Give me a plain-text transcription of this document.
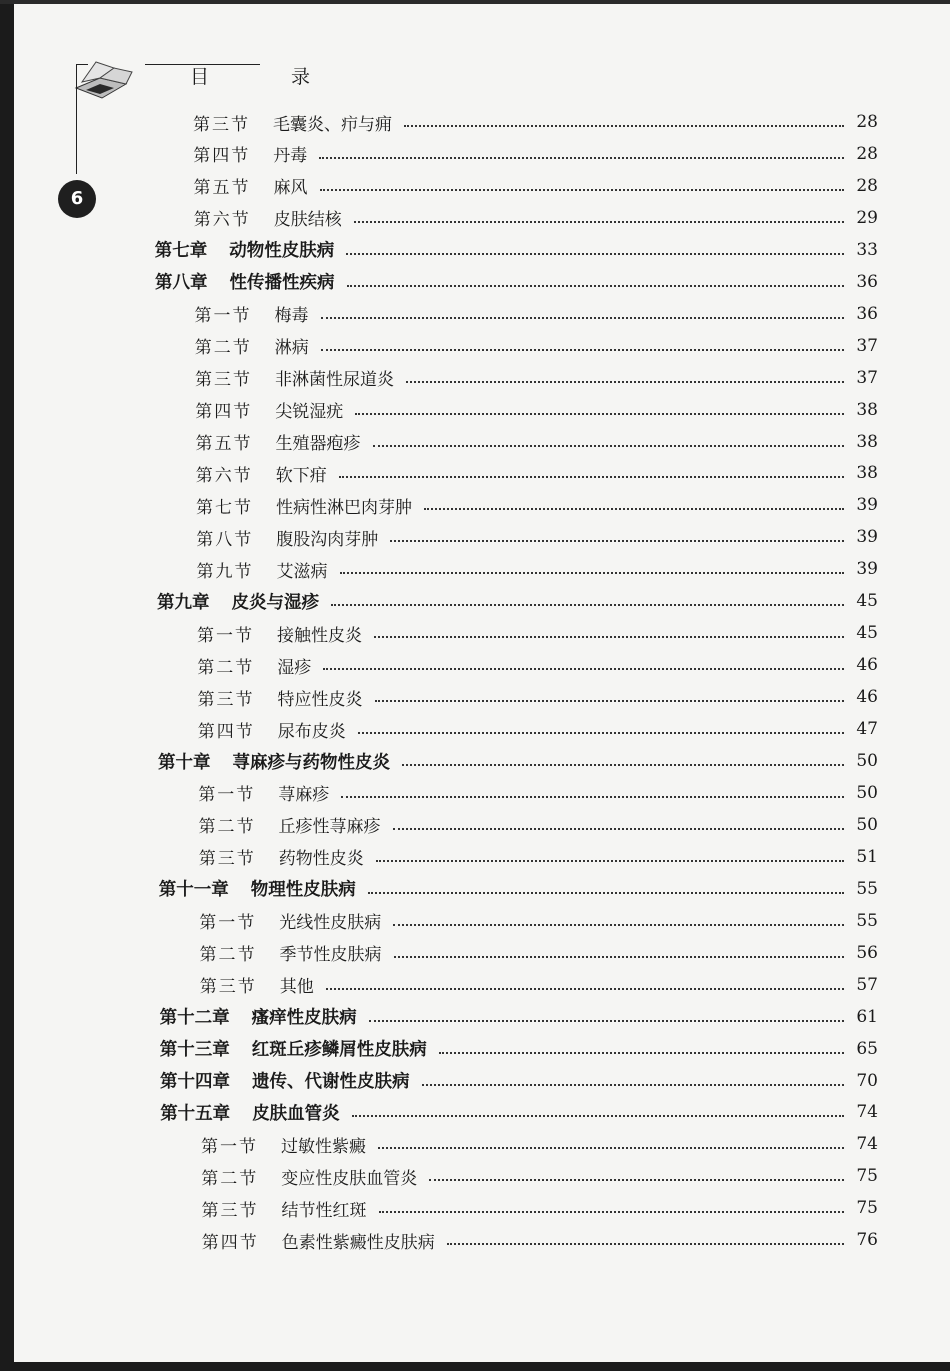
目 录
6
第三节	毛囊炎、疖与痈	28
第四节	丹毒	28
第五节	麻风	28
第六节	皮肤结核	29
第七章 动物性皮肤病	33
第八章 性传播性疾病	36
第一节	梅毒	36
第二节	淋病	37
第三节	非淋菌性尿道炎	37
第四节	尖锐湿疣	38
第五节	生殖器疱疹	38
第六节	软下疳	38
第七节	性病性淋巴肉芽肿	39
第八节	腹股沟肉芽肿	39
第九节	艾滋病	39
第九章 皮炎与湿疹	45
第一节	接触性皮炎	45
第二节	湿疹	46
第三节	特应性皮炎	46
第四节	尿布皮炎	47
第十章 荨麻疹与药物性皮炎	50
第一节	荨麻疹	50
第二节	丘疹性荨麻疹	50
第三节	药物性皮炎	51
第十一章 物理性皮肤病	55
第一节	光线性皮肤病	55
第二节	季节性皮肤病	56
第三节	其他	57
第十二章 瘙痒性皮肤病	61
第十三章 红斑丘疹鳞屑性皮肤病	65
第十四章 遗传、代谢性皮肤病	70
第十五章 皮肤血管炎	74
第一节	过敏性紫癜	74
第二节	变应性皮肤血管炎	75
第三节	结节性红斑	75
第四节	色素性紫癜性皮肤病	76
